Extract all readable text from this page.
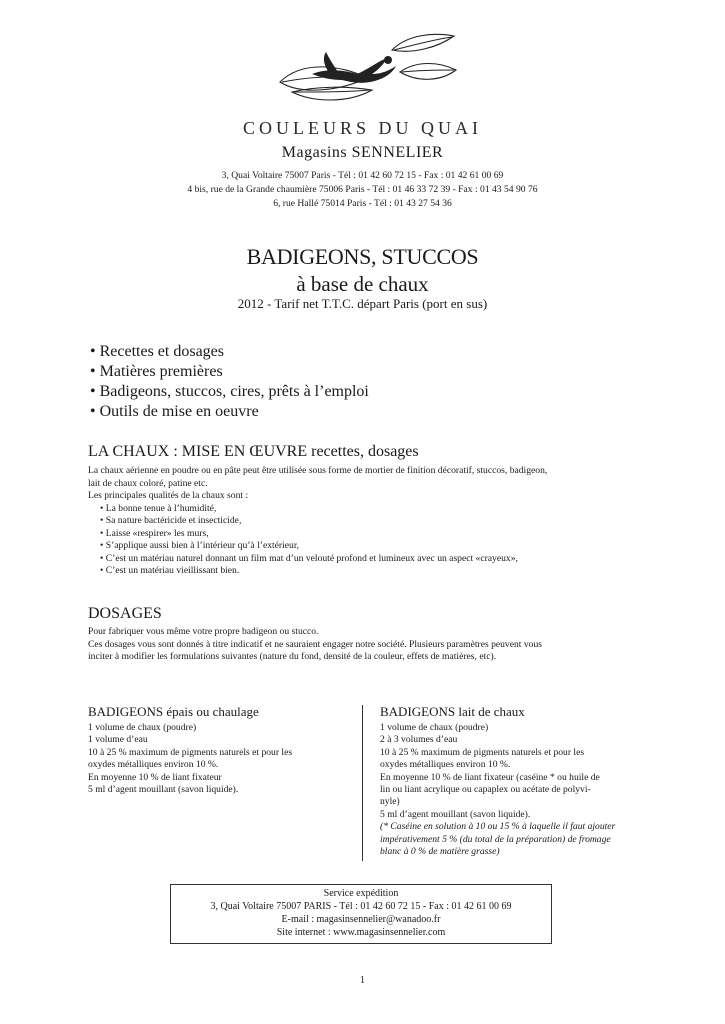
COULEURS DU QUAI
Magasins SENNELIER
3, Quai Voltaire 75007 Paris - Tél : 01 42 60 72 15 - Fax : 01 42 61 00 69
4 bis, rue de la Grande chaumière 75006 Paris - Tél : 01 46 33 72 39 - Fax : 01 43 54 90 76
6, rue Hallé 75014 Paris - Tél : 01 43 27 54 36
BADIGEONS, STUCCOS
à base de chaux
2012 - Tarif net T.T.C. départ Paris (port en sus)
• Recettes et dosages
• Matières premières
• Badigeons, stuccos, cires, prêts à l’emploi
• Outils de mise en oeuvre
LA CHAUX : MISE EN ŒUVRE recettes, dosages
La chaux aérienne en poudre ou en pâte peut être utilisée sous forme de mortier de finition décoratif, stuccos, badigeon,
lait de chaux coloré, patine etc.
Les principales qualités de la chaux sont :
• La bonne tenue à l’humidité,
• Sa nature bactéricide et insecticide,
• Laisse «respirer» les murs,
• S’applique aussi bien à l’intérieur qu’à l’extérieur,
• C’est un matériau naturel donnant un film mat d’un velouté profond et lumineux avec un aspect «crayeux»,
• C’est un matériau vieillissant bien.
DOSAGES
Pour fabriquer vous même votre propre badigeon ou stucco.
Ces dosages vous sont donnés à titre indicatif et ne sauraient engager notre société. Plusieurs paramètres peuvent vous
inciter à modifier les formulations suivantes (nature du fond, densité de la couleur, effets de matières, etc).
BADIGEONS épais ou chaulage
1 volume de chaux (poudre)
1 volume d’eau
10 à 25 % maximum de pigments naturels et pour les
oxydes métalliques environ 10 %.
En moyenne 10 % de liant fixateur
5 ml d’agent mouillant (savon liquide).
BADIGEONS lait de chaux
1 volume de chaux (poudre)
2 à 3 volumes d’eau
10 à 25 % maximum de pigments naturels et pour les
oxydes métalliques environ 10 %.
En moyenne 10 % de liant fixateur (caséine * ou huile de
lin ou liant acrylique ou capaplex ou acétate de polyvi-
nyle)
5 ml d’agent mouillant (savon liquide).
(* Caséine en solution à 10 ou 15 % à laquelle il faut ajouter
impérativement 5 % (du total de la préparation) de fromage
blanc à 0 % de matière grasse)
Service expédition
3, Quai Voltaire 75007 PARIS - Tél : 01 42 60 72 15 - Fax : 01 42 61 00 69
E-mail : magasinsennelier@wanadoo.fr
Site internet : www.magasinsennelier.com
1
